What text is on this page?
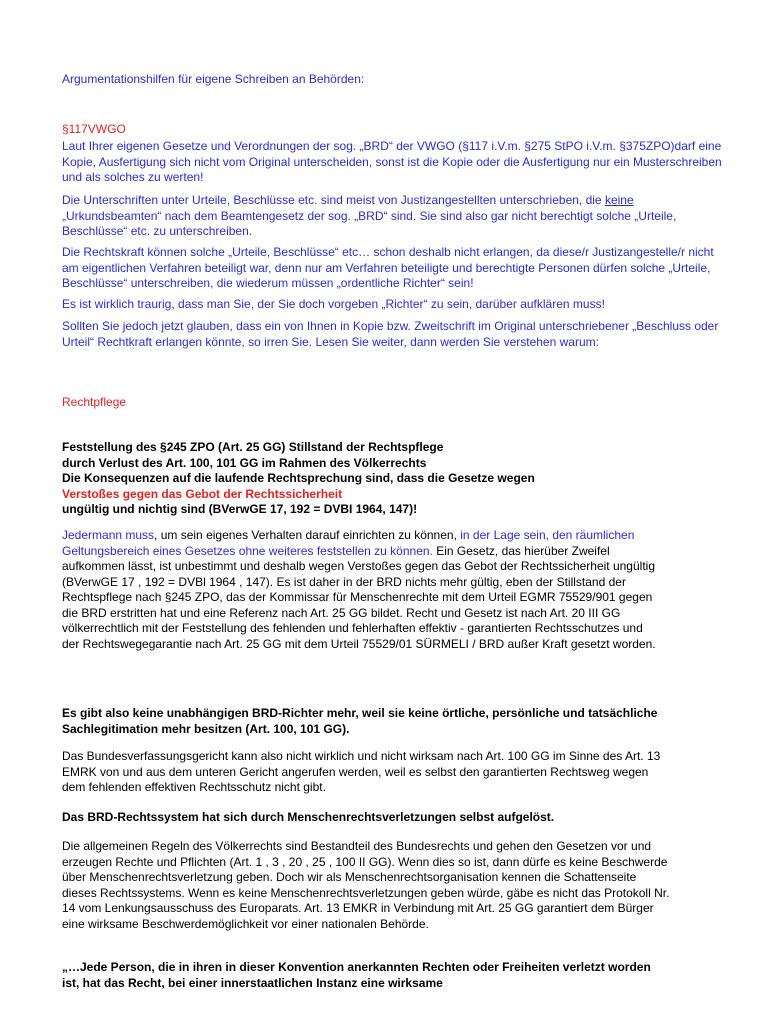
Argumentationshilfen für eigene Schreiben an Behörden:

§117VWGO

Laut Ihrer eigenen Gesetze und Verordnungen der sog. „BRD“ der VWGO (§117 i.V.m. §275 StPO i.V.m. §375ZPO)darf eine Kopie, Ausfertigung sich nicht vom Original unterscheiden, sonst ist die Kopie oder die Ausfertigung nur ein Musterschreiben und als solches zu werten!

Die Unterschriften unter Urteile, Beschlüsse etc. sind meist von Justizangestellten unterschrieben, die keine „Urkundsbeamten“ nach dem Beamtengesetz der sog. „BRD“ sind. Sie sind also gar nicht berechtigt solche „Urteile, Beschlüsse“ etc. zu unterschreiben.

Die Rechtskraft können solche „Urteile, Beschlüsse“ etc… schon deshalb nicht erlangen, da diese/r Justizangestelle/r nicht am eigentlichen Verfahren beteiligt war, denn nur am Verfahren beteiligte und berechtigte Personen dürfen solche „Urteile, Beschlüsse“ unterschreiben, die wiederum müssen „ordentliche Richter“ sein!

Es ist wirklich traurig, dass man Sie, der Sie doch vorgeben „Richter“ zu sein, darüber aufklären muss!

Sollten Sie jedoch jetzt glauben, dass ein von Ihnen in Kopie bzw. Zweitschrift im Original unterschriebener „Beschluss oder Urteil“ Rechtkraft erlangen könnte, so irren Sie. Lesen Sie weiter, dann werden Sie verstehen warum:

Rechtpflege

Feststellung des §245 ZPO (Art. 25 GG) Stillstand der Rechtspflege

durch Verlust des Art. 100, 101 GG im Rahmen des Völkerrechts

Die Konsequenzen auf die laufende Rechtsprechung sind, dass die Gesetze wegen

Verstoßes gegen das Gebot der Rechtssicherheit

ungültig und nichtig sind (BVerwGE 17, 192 = DVBI 1964, 147)!

Jedermann muss, um sein eigenes Verhalten darauf einrichten zu können, in der Lage sein, den räumlichen Geltungsbereich eines Gesetzes ohne weiteres feststellen zu können. Ein Gesetz, das hierüber Zweifel aufkommen lässt, ist unbestimmt und deshalb wegen Verstoßes gegen das Gebot der Rechtssicherheit ungültig (BVerwGE 17 , 192 = DVBl 1964 , 147). Es ist daher in der BRD nichts mehr gültig, eben der Stillstand der Rechtspflege nach §245 ZPO, das der Kommissar für Menschenrechte mit dem Urteil EGMR 75529/901 gegen die BRD erstritten hat und eine Referenz nach Art. 25 GG bildet. Recht und Gesetz ist nach Art. 20 III GG völkerrechtlich mit der Feststellung des fehlenden und fehlerhaften effektiv - garantierten Rechtsschutzes und der Rechtswegegarantie nach Art. 25 GG mit dem Urteil 75529/01 SÜRMELI / BRD außer Kraft gesetzt worden.

Es gibt also keine unabhängigen BRD-Richter mehr, weil sie keine örtliche, persönliche und tatsächliche Sachlegitimation mehr besitzen (Art. 100, 101 GG).

Das Bundesverfassungsgericht kann also nicht wirklich und nicht wirksam nach Art. 100 GG im Sinne des Art. 13 EMRK von und aus dem unteren Gericht angerufen werden, weil es selbst den garantierten Rechtsweg wegen dem fehlenden effektiven Rechtsschutz nicht gibt.

Das BRD-Rechtssystem hat sich durch Menschenrechtsverletzungen selbst aufgelöst.

Die allgemeinen Regeln des Völkerrechts sind Bestandteil des Bundesrechts und gehen den Gesetzen vor und erzeugen Rechte und Pflichten (Art. 1 , 3 , 20 , 25 , 100 II GG). Wenn dies so ist, dann dürfe es keine Beschwerde über Menschenrechtsverletzung geben. Doch wir als Menschenrechtsorganisation kennen die Schattenseite dieses Rechtssystems. Wenn es keine Menschenrechtsverletzungen geben würde, gäbe es nicht das Protokoll Nr. 14 vom Lenkungsausschuss des Europarats. Art. 13 EMKR in Verbindung mit Art. 25 GG garantiert dem Bürger eine wirksame Beschwerdemöglichkeit vor einer nationalen Behörde.

„…Jede Person, die in ihren in dieser Konvention anerkannten Rechten oder Freiheiten verletzt worden ist, hat das Recht, bei einer innerstaatlichen Instanz eine wirksame
